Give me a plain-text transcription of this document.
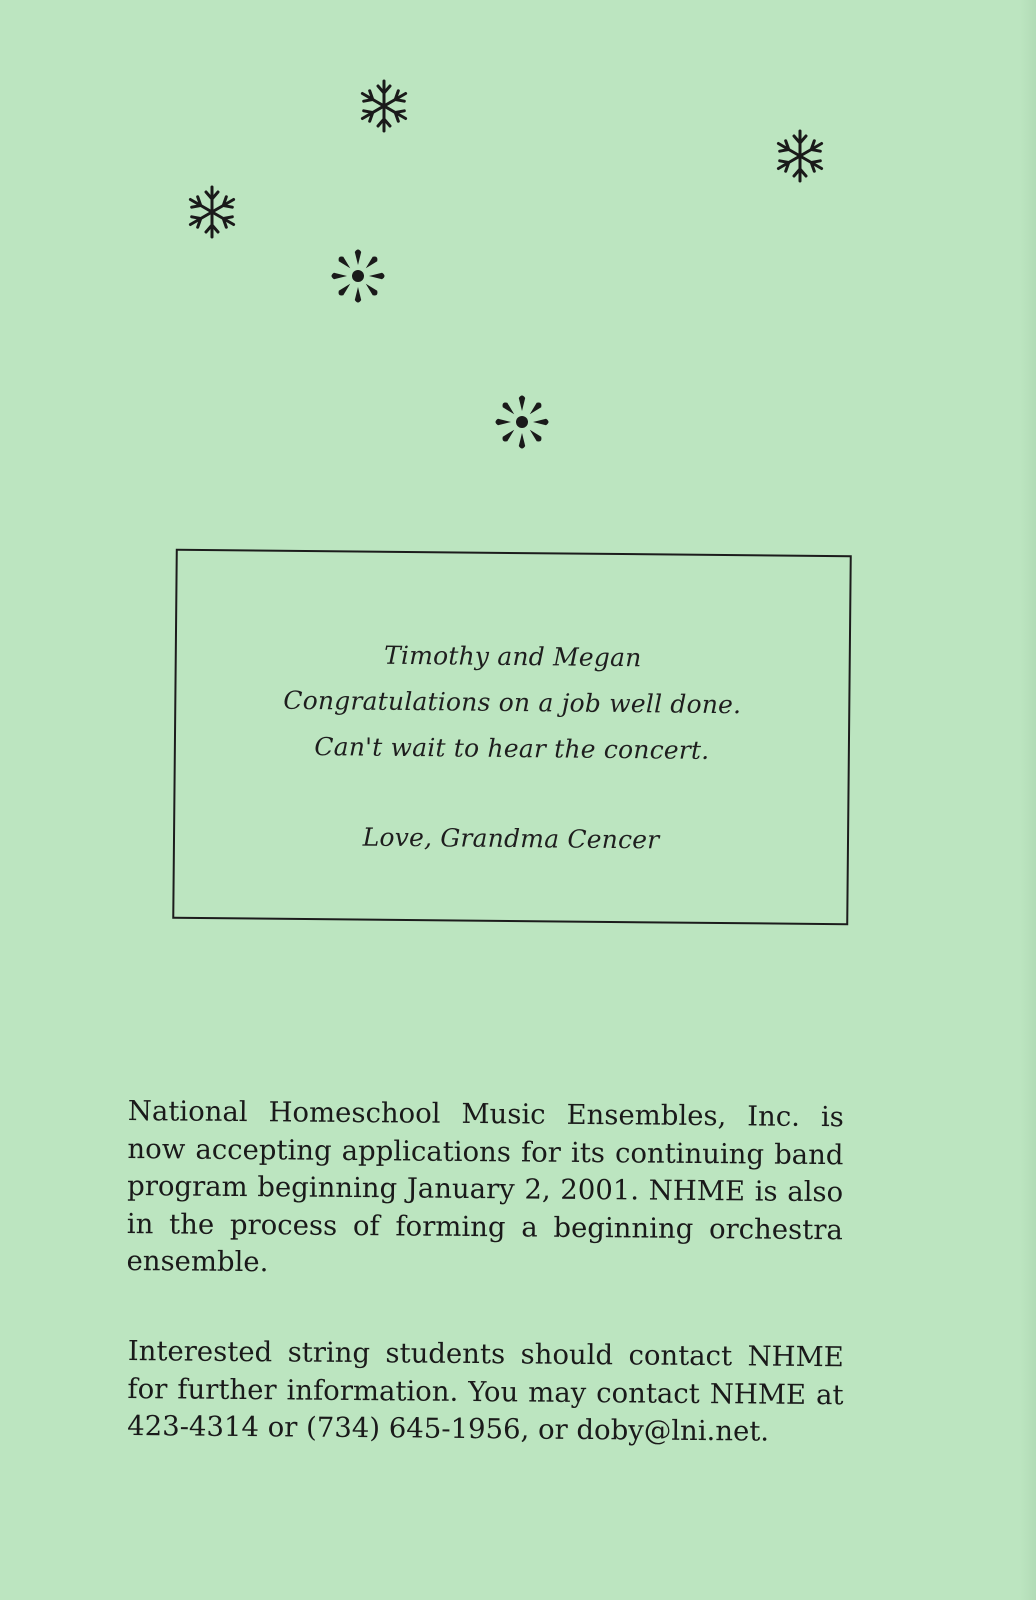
Timothy and Megan
Congratulations on a job well done.
Can't wait to hear the concert.
Love, Grandma Cencer
National Homeschool Music Ensembles, Inc. is now accepting applications for its continuing band program beginning January 2, 2001. NHME is also in the process of forming a beginning orchestra ensemble.
Interested string students should contact NHME for further information. You may contact NHME at 423-4314 or (734) 645-1956, or doby@lni.net.
